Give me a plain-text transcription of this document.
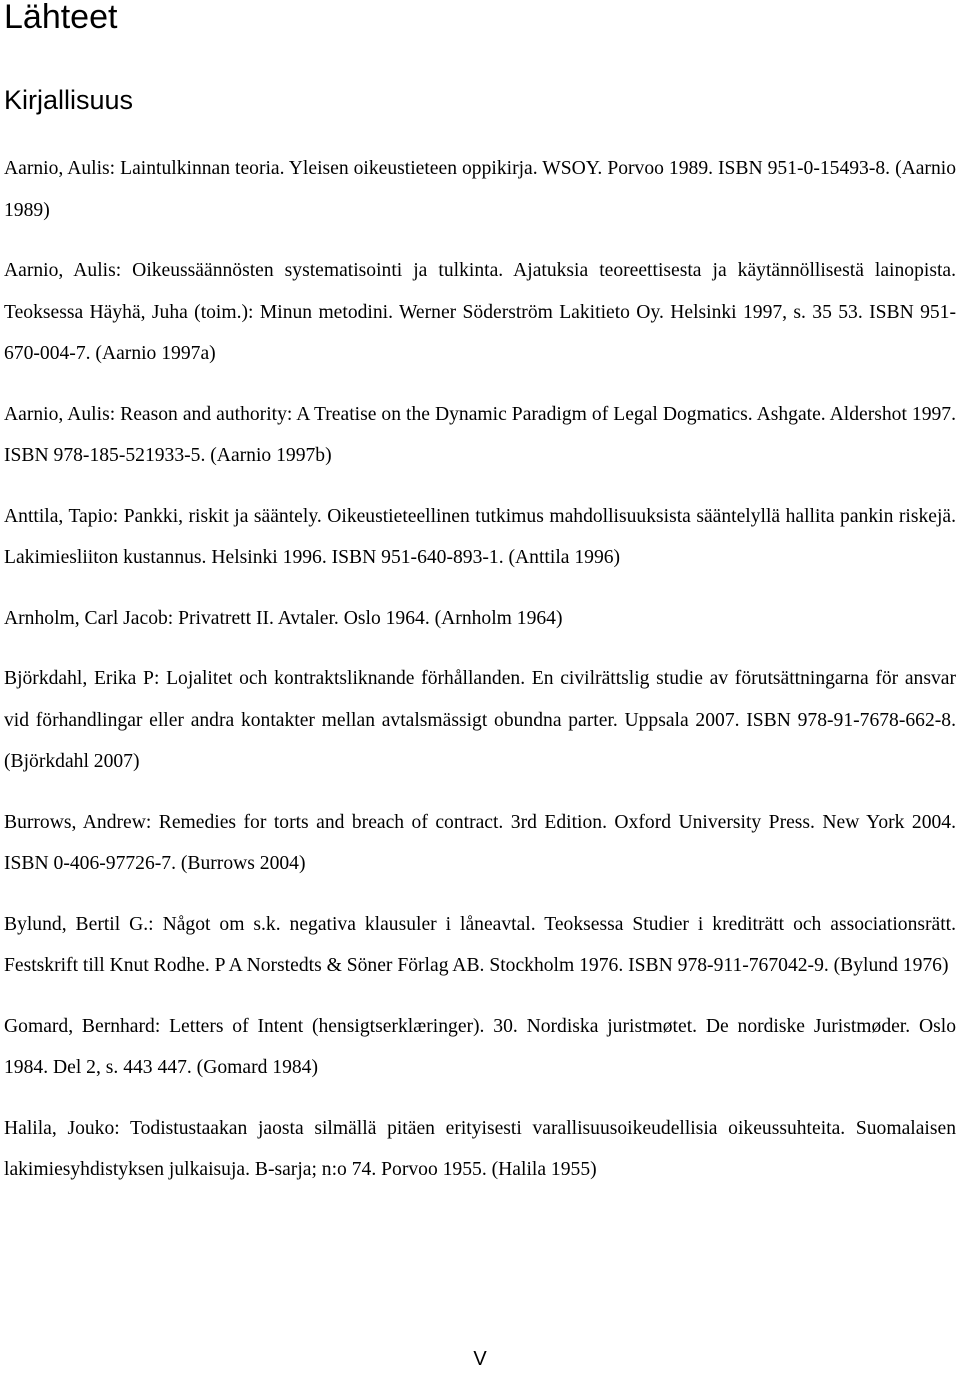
Lähteet
Kirjallisuus

Aarnio, Aulis: Laintulkinnan teoria. Yleisen oikeustieteen oppikirja. WSOY. Porvoo 1989. ISBN 951-0-15493-8. (Aarnio 1989)

Aarnio, Aulis: Oikeussäännösten systematisointi ja tulkinta. Ajatuksia teoreettisesta ja käytännöllisestä lainopista. Teoksessa Häyhä, Juha (toim.): Minun metodini. Werner Söderström Lakitieto Oy. Helsinki 1997, s. 35 53. ISBN 951-670-004-7. (Aarnio 1997a)

Aarnio, Aulis: Reason and authority: A Treatise on the Dynamic Paradigm of Legal Dogmatics. Ashgate. Aldershot 1997. ISBN 978-185-521933-5. (Aarnio 1997b)

Anttila, Tapio: Pankki, riskit ja sääntely. Oikeustieteellinen tutkimus mahdollisuuksista sääntelyllä hallita pankin riskejä. Lakimiesliiton kustannus. Helsinki 1996. ISBN 951-640-893-1. (Anttila 1996)

Arnholm, Carl Jacob: Privatrett II. Avtaler. Oslo 1964. (Arnholm 1964)

Björkdahl, Erika P: Lojalitet och kontraktsliknande förhållanden. En civilrättslig studie av förutsättningarna för ansvar vid förhandlingar eller andra kontakter mellan avtalsmässigt obundna parter. Uppsala 2007. ISBN 978-91-7678-662-8. (Björkdahl 2007)

Burrows, Andrew: Remedies for torts and breach of contract. 3rd Edition. Oxford University Press. New York 2004. ISBN 0-406-97726-7. (Burrows 2004)

Bylund, Bertil G.: Något om s.k. negativa klausuler i låneavtal. Teoksessa Studier i krediträtt och associationsrätt. Festskrift till Knut Rodhe. P A Norstedts & Söner Förlag AB. Stockholm 1976. ISBN 978-911-767042-9. (Bylund 1976)

Gomard, Bernhard: Letters of Intent (hensigtserklæringer). 30. Nordiska juristmøtet. De nordiske Juristmøder. Oslo 1984. Del 2, s. 443 447. (Gomard 1984)

Halila, Jouko: Todistustaakan jaosta silmällä pitäen erityisesti varallisuusoikeudellisia oikeussuhteita. Suomalaisen lakimiesyhdistyksen julkaisuja. B-sarja; n:o 74. Porvoo 1955. (Halila 1955)

V
